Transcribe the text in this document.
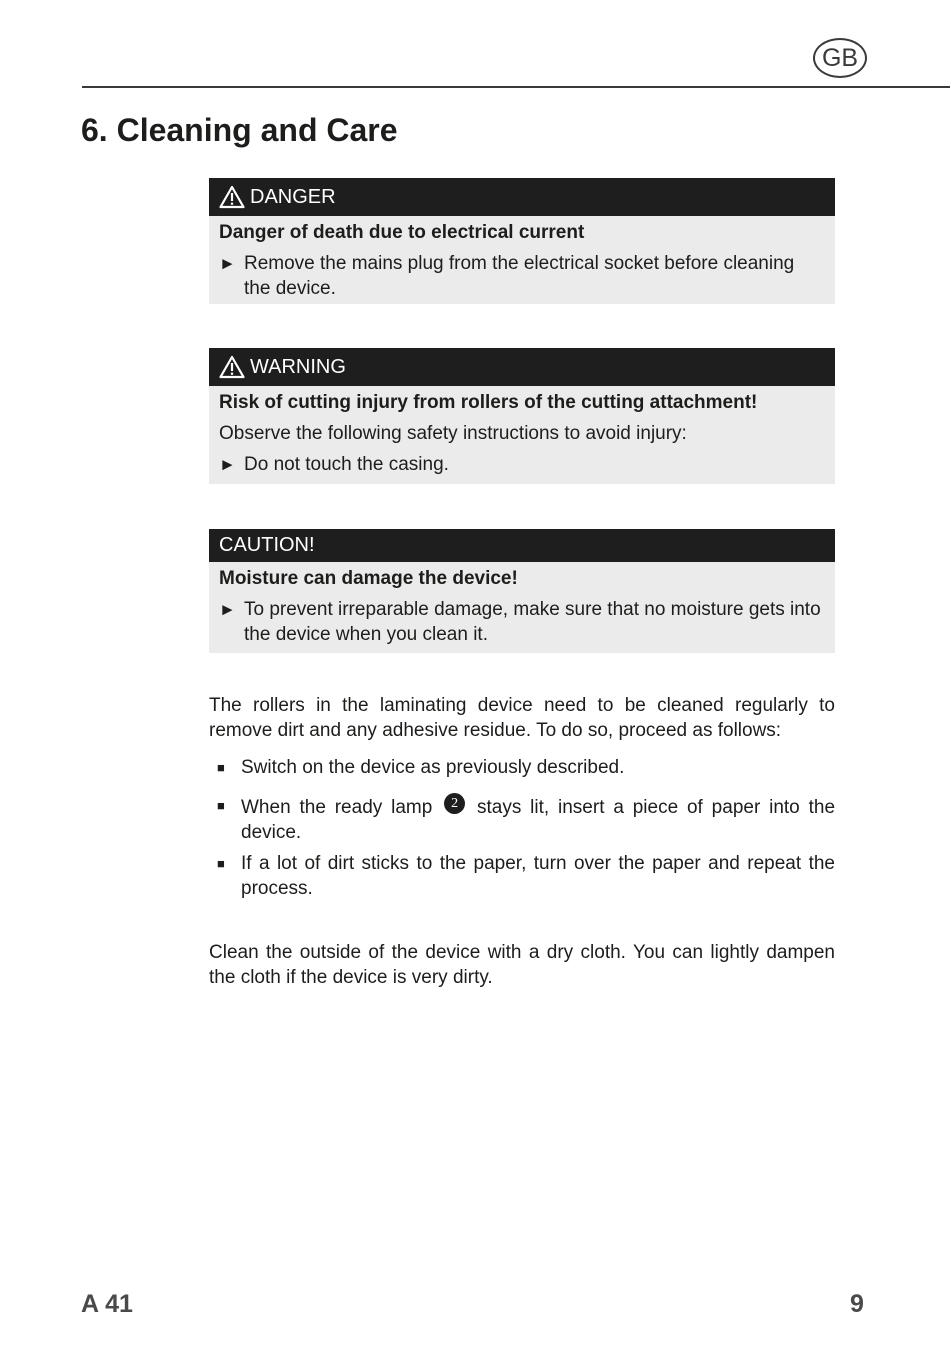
GB
6. Cleaning and Care
DANGER
Danger of death due to electrical current
► Remove the mains plug from the electrical socket before cleaning the device.
WARNING
Risk of cutting injury from rollers of the cutting attachment!
Observe the following safety instructions to avoid injury:
► Do not touch the casing.
CAUTION!
Moisture can damage the device!
► To prevent irreparable damage, make sure that no moisture gets into the device when you clean it.

The rollers in the laminating device need to be cleaned regularly to remove dirt and any adhesive residue. To do so, proceed as follows:

■ Switch on the device as previously described.
■ When the ready lamp 2 stays lit, insert a piece of paper into the device.
■ If a lot of dirt sticks to the paper, turn over the paper and repeat the process.

Clean the outside of the device with a dry cloth. You can lightly dampen the cloth if the device is very dirty.

A 41	9
